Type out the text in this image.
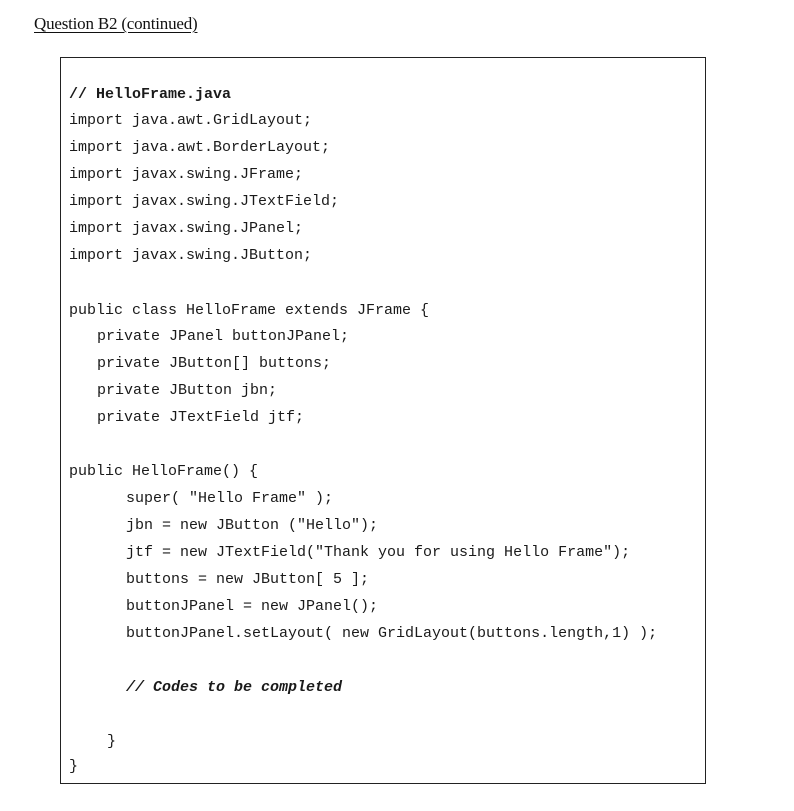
Question B2 (continued)
// HelloFrame.java
import java.awt.GridLayout;
import java.awt.BorderLayout;
import javax.swing.JFrame;
import javax.swing.JTextField;
import javax.swing.JPanel;
import javax.swing.JButton;
public class HelloFrame extends JFrame {
private JPanel buttonJPanel;
private JButton[] buttons;
private JButton jbn;
private JTextField jtf;
public HelloFrame() {
super( "Hello Frame" );
jbn = new JButton ("Hello");
jtf = new JTextField("Thank you for using Hello Frame");
buttons = new JButton[ 5 ];
buttonJPanel = new JPanel();
buttonJPanel.setLayout( new GridLayout(buttons.length,1) );
// Codes to be completed
}
}
